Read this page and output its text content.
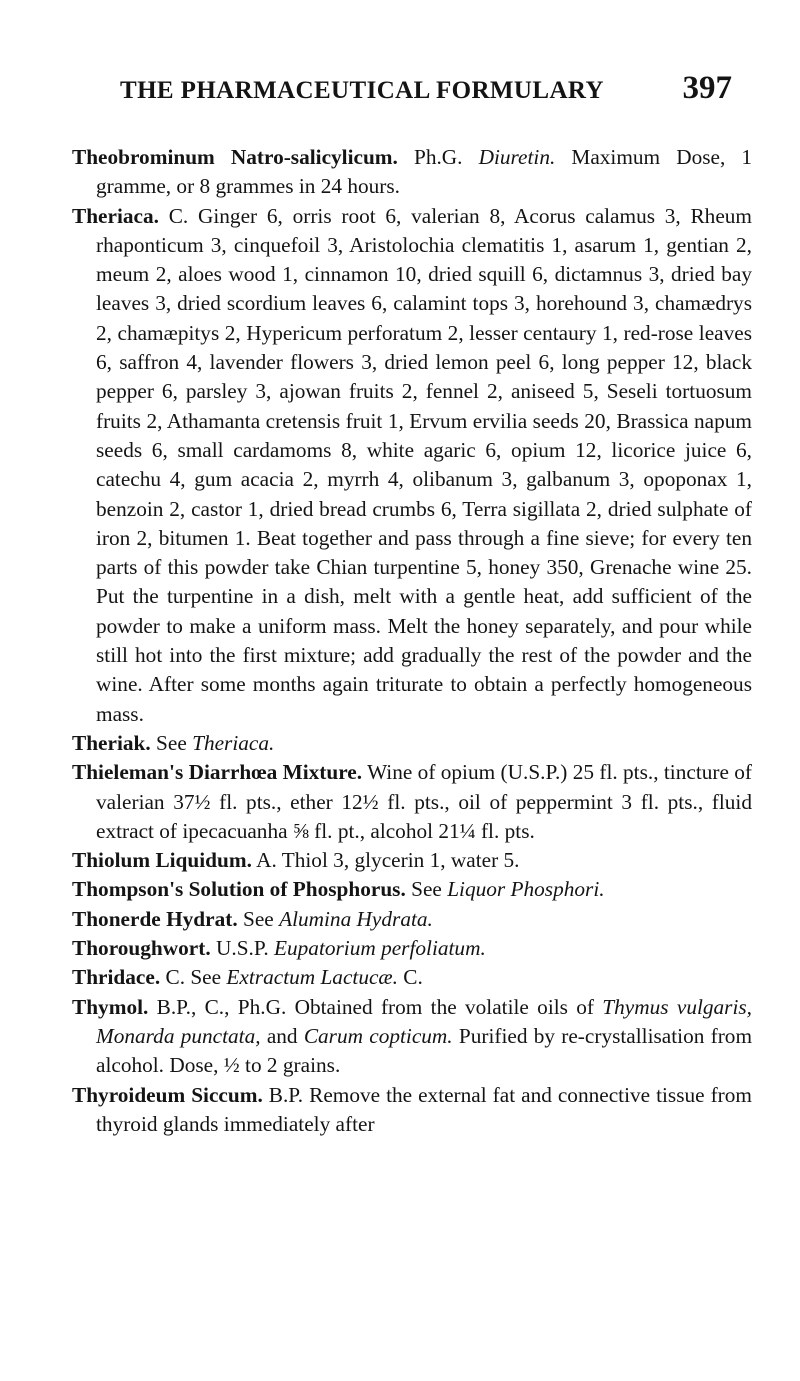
THE PHARMACEUTICAL FORMULARY 397

Theobrominum Natro-salicylicum. Ph.G. Diuretin. Maximum Dose, 1 gramme, or 8 grammes in 24 hours.

Theriaca. C. Ginger 6, orris root 6, valerian 8, Acorus calamus 3, Rheum rhaponticum 3, cinquefoil 3, Aristolochia clematitis 1, asarum 1, gentian 2, meum 2, aloes wood 1, cinnamon 10, dried squill 6, dictamnus 3, dried bay leaves 3, dried scordium leaves 6, calamint tops 3, horehound 3, chamædrys 2, chamæpitys 2, Hypericum perforatum 2, lesser centaury 1, red-rose leaves 6, saffron 4, lavender flowers 3, dried lemon peel 6, long pepper 12, black pepper 6, parsley 3, ajowan fruits 2, fennel 2, aniseed 5, Seseli tortuosum fruits 2, Athamanta cretensis fruit 1, Ervum ervilia seeds 20, Brassica napum seeds 6, small cardamoms 8, white agaric 6, opium 12, licorice juice 6, catechu 4, gum acacia 2, myrrh 4, olibanum 3, galbanum 3, opoponax 1, benzoin 2, castor 1, dried bread crumbs 6, Terra sigillata 2, dried sulphate of iron 2, bitumen 1. Beat together and pass through a fine sieve; for every ten parts of this powder take Chian turpentine 5, honey 350, Grenache wine 25. Put the turpentine in a dish, melt with a gentle heat, add sufficient of the powder to make a uniform mass. Melt the honey separately, and pour while still hot into the first mixture; add gradually the rest of the powder and the wine. After some months again triturate to obtain a perfectly homogeneous mass.

Theriak. See Theriaca.

Thieleman's Diarrhœa Mixture. Wine of opium (U.S.P.) 25 fl. pts., tincture of valerian 37½ fl. pts., ether 12½ fl. pts., oil of peppermint 3 fl. pts., fluid extract of ipecacuanha ⅝ fl. pt., alcohol 21¼ fl. pts.

Thiolum Liquidum. A. Thiol 3, glycerin 1, water 5.

Thompson's Solution of Phosphorus. See Liquor Phosphori.

Thonerde Hydrat. See Alumina Hydrata.

Thoroughwort. U.S.P. Eupatorium perfoliatum.

Thridace. C. See Extractum Lactucæ. C.

Thymol. B.P., C., Ph.G. Obtained from the volatile oils of Thymus vulgaris, Monarda punctata, and Carum copticum. Purified by re-crystallisation from alcohol. Dose, ½ to 2 grains.

Thyroideum Siccum. B.P. Remove the external fat and connective tissue from thyroid glands immediately after
